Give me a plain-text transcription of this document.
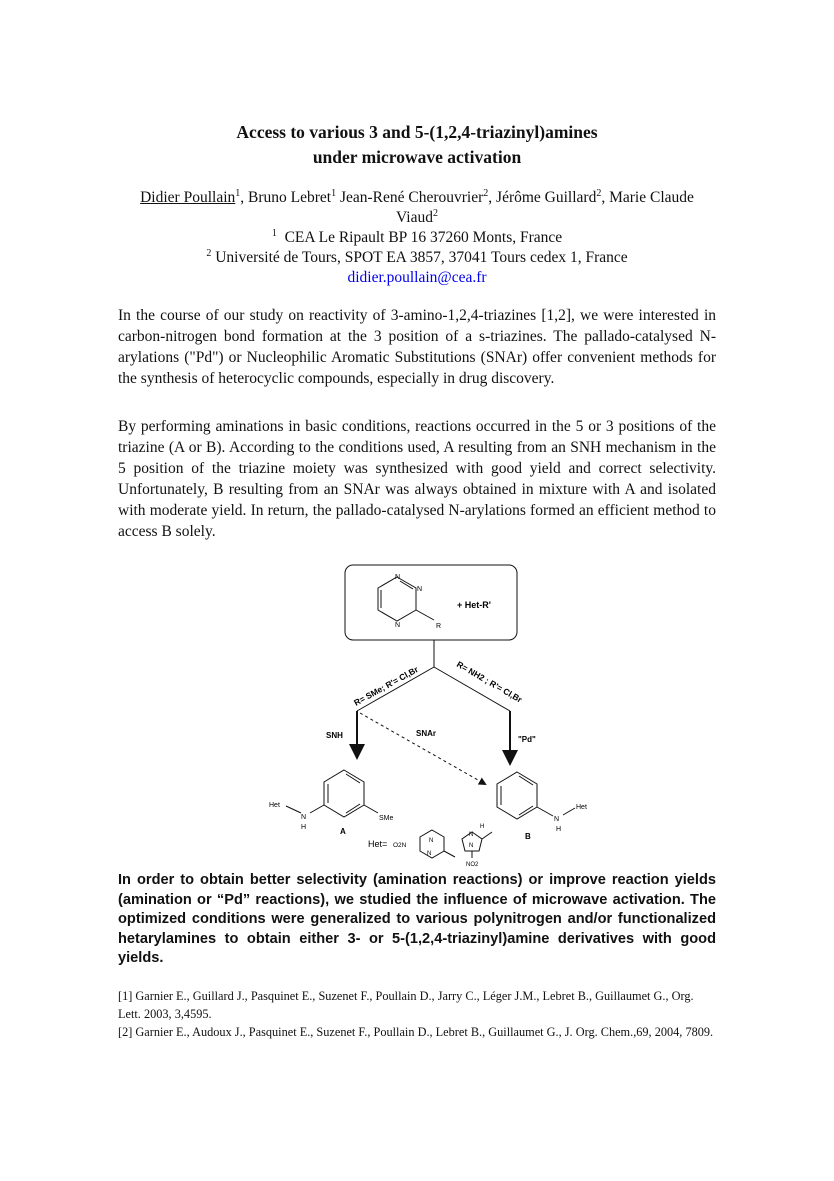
Access to various 3 and 5-(1,2,4-triazinyl)amines
under microwave activation
Didier Poullain$^1$, Bruno Lebret$^1$ Jean-René Cherouvrier$^2$, Jérôme Guillard$^2$, Marie Claude Viaud$^2$
$^1$ CEA Le Ripault BP 16 37260 Monts, France
$^2$ Université de Tours, SPOT EA 3857, 37041 Tours cedex 1, France
didier.poullain@cea.fr
In the course of our study on reactivity of 3-amino-1,2,4-triazines [1,2], we were interested in carbon-nitrogen bond formation at the 3 position of a s-triazines. The pallado-catalysed N-arylations ("Pd") or Nucleophilic Aromatic Substitutions (SNAr) offer convenient methods for the synthesis of heterocyclic compounds, especially in drug discovery.
By performing aminations in basic conditions, reactions occurred in the 5 or 3 positions of the triazine (A or B). According to the conditions used, A resulting from an SNH mechanism in the 5 position of the triazine moiety was synthesized with good yield and correct selectivity. Unfortunately, B resulting from an SNAr was always obtained in mixture with A and isolated with moderate yield. In return, the pallado-catalysed N-arylations formed an efficient method to access B solely.
N
N
N	R
+ Het-R'
R= SMe; R'= Cl,Br	R= NH2 ; R'= Cl,Br
SNH	SNAr
"Pd"
Het
N
H
SMe
A
Het
N
H
B
Het= O2N
N
N
H
N
N
NO2
In order to obtain better selectivity (amination reactions) or improve reaction yields (amination or “Pd” reactions), we studied the influence of microwave activation. The optimized conditions were generalized to various polynitrogen and/or functionalized hetarylamines to obtain either 3- or 5-(1,2,4-triazinyl)amine derivatives with good yields.
[1] Garnier E., Guillard J., Pasquinet E., Suzenet F., Poullain D., Jarry C., Léger J.M., Lebret B., Guillaumet G., Org. Lett. 2003, 3,4595.
[2] Garnier E., Audoux J., Pasquinet E., Suzenet F., Poullain D., Lebret B., Guillaumet G., J. Org. Chem.,69, 2004, 7809.
